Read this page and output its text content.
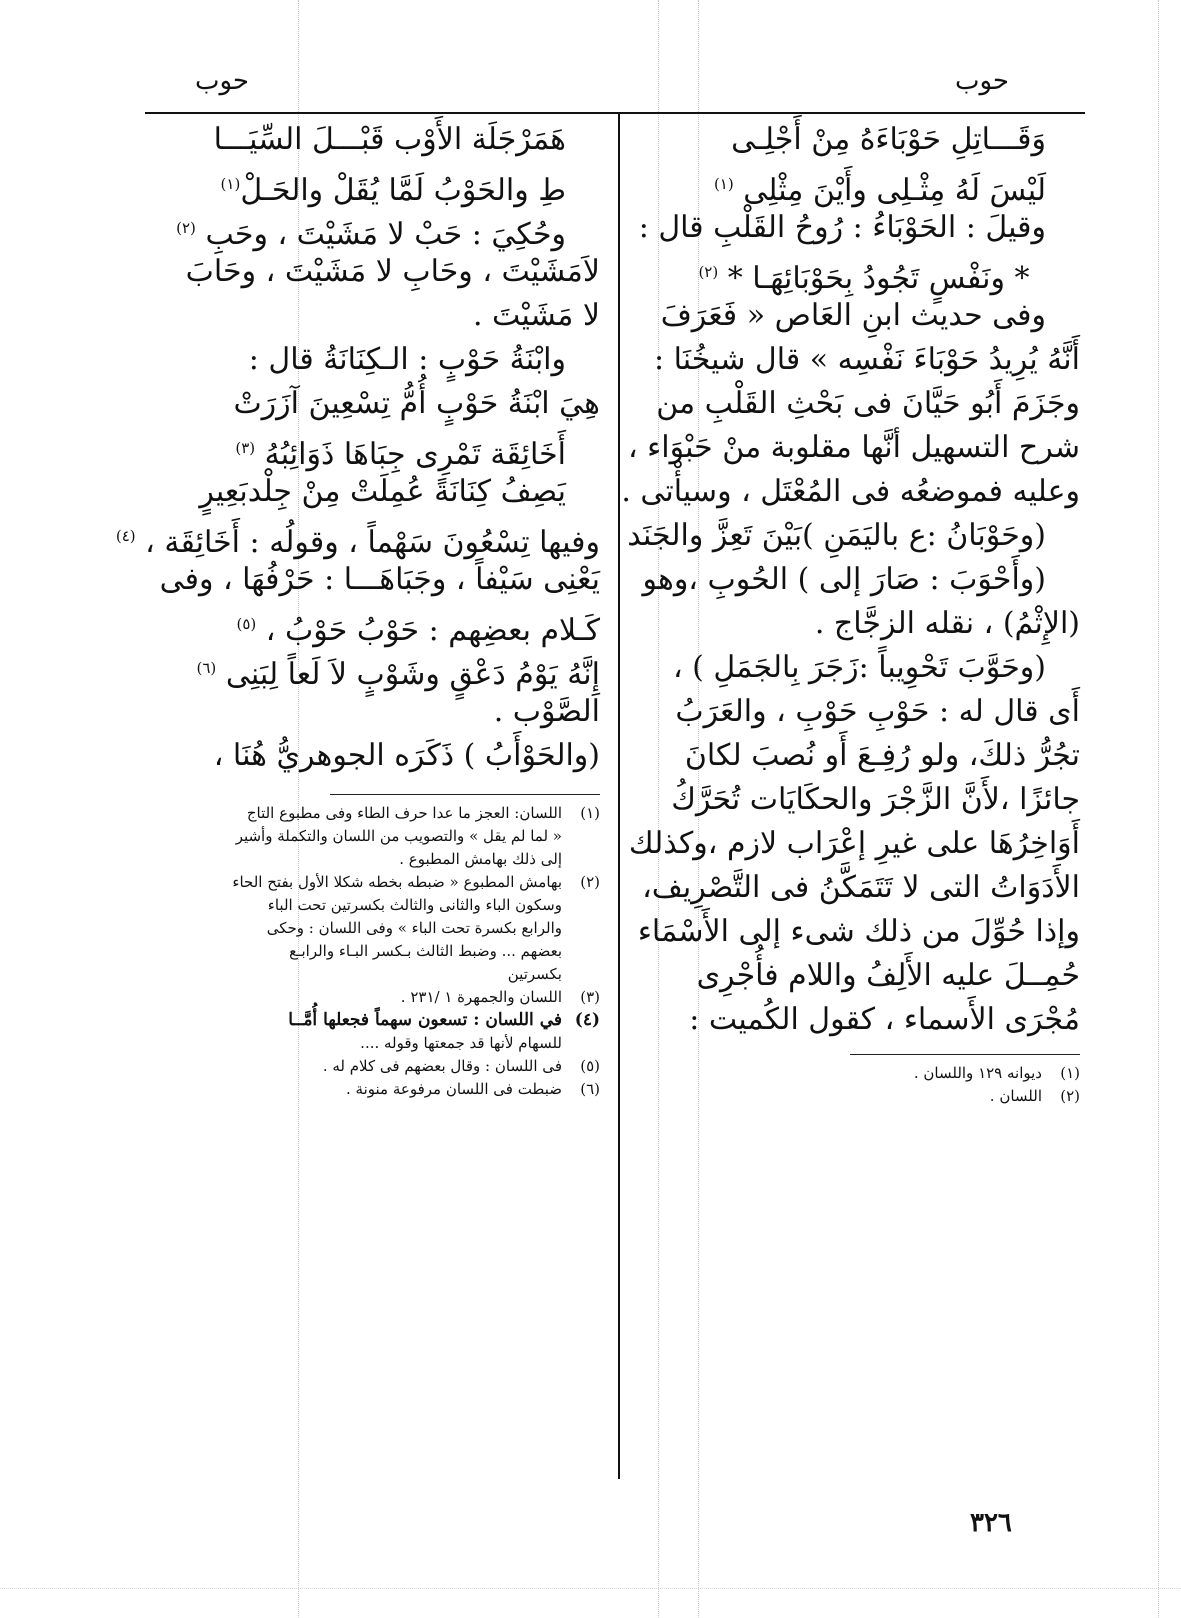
حوب
حوب
وَقَـــاتِلِ حَوْبَاءَهُ مِنْ أَجْلِـى
لَيْسَ لَهُ مِثْـلِى وأَيْنَ مِثْلِى $^{(١)}$
وقيلَ : الحَوْبَاءُ : رُوحُ القَلْبِ قال :
* ونَفْسٍ تَجُودُ بِحَوْبَائِهَـا * $^{(٢)}$
وفى حديث ابنِ العَاص « فَعَرَفَ
أَنَّهُ يُرِيدُ حَوْبَاءَ نَفْسِه » قال شيخُنَا :
وجَزَمَ أَبُو حَيَّانَ فى بَحْثِ القَلْبِ من
شرح التسهيل أنَّها مقلوبة منْ حَبْوَاء ،
وعليه فموضعُه فى المُعْتَل ، وسيأْتى .
(وحَوْبَانُ :ع باليَمَنِ )بَيْنَ تَعِزَّ والجَنَد
(وأَحْوَبَ : صَارَ إلى ) الحُوبِ ،وهو
(الإِثْمُ) ، نقله الزجَّاج .
(وحَوَّبَ تَحْوِيباً :زَجَرَ بِالجَمَلِ ) ،
أَى قال له : حَوْبِ حَوْبِ ، والعَرَبُ
تجُرُّ ذلكَ، ولو رُفِـعَ أَو نُصبَ لكانَ
جائزًا ،لأَنَّ الزَّجْرَ والحكَايَات تُحَرَّكُ
أَوَاخِرُهَا على غيرِ إعْرَاب لازم ،وكذلك
الأَدَوَاتُ التى لا تَتَمَكَّنُ فى التَّصْرِيف،
وإذا حُوِّلَ من ذلك شىء إلى الأَسْمَاء
حُمِــلَ عليه الأَلِفُ واللام فأُجْرِى
مُجْرَى الأَسماء ، كقول الكُميت :
(١)ديوانه ١٢٩ واللسان .
(٢)اللسان .
هَمَرْجَلَة الأَوْب قَبْـــلَ السِّيَـــا
طِ والحَوْبُ لَمَّا يُقَلْ والحَـلْ$^{(١)}$
وحُكِيَ : حَبْ لا مَشَيْتَ ، وحَبِ $^{(٢)}$
لاَمَشَيْتَ ، وحَابِ لا مَشَيْتَ ، وحَابَ
لا مَشَيْتَ .
وابْنَةُ حَوْبٍ : الـكِنَانَةُ قال :
هِيَ ابْنَةُ حَوْبٍ أُمُّ تِسْعِينَ آزَرَتْ
أَخَائِقَة تَمْرِى جِبَاهَا ذَوَائِبُهُ $^{(٣)}$
يَصِفُ كِنَانَةً عُمِلَتْ مِنْ جِلْدبَعِيرٍ
وفيها تِسْعُونَ سَهْماً ، وقولُه : أَخَائِقَة ، $^{(٤)}$
يَعْنِى سَيْفاً ، وجَبَاهَـــا : حَرْفُهَا ، وفى
كَـلام بعضِهم : حَوْبُ حَوْبُ ، $^{(٥)}$
إِنَّهُ يَوْمُ دَعْقٍ وشَوْبٍ لاَ لَعاً لِبَنِى $^{(٦)}$
الصَّوْب .
(والحَوْأَبُ ) ذَكَرَه الجوهريُّ هُنَا ،
(١)اللسان: العجز ما عدا حرف الطاء وفى مطبوع التاج
« لما لم يقل » والتصويب من اللسان والتكملة وأشير
إلى ذلك بهامش المطبوع .
(٢)بهامش المطبوع « ضبطه بخطه شكلا الأول بفتح الحاء
وسكون الباء والثانى والثالث بكسرتين تحت الباء
والرابع بكسرة تحت الباء » وفى اللسان : وحكى
بعضهم ... وضبط الثالث بـكسر البـاء والرابـع
بكسرتين
(٣)اللسان والجمهرة ١ /٢٣١ .
(٤)في اللسان : تسعون سهماً فجعلها أُمَّــا
للسهام لأنها قد جمعتها وقوله ....
(٥)فى اللسان : وقال بعضهم فى كلام له .
(٦)ضبطت فى اللسان مرفوعة منونة .
٣٢٦
